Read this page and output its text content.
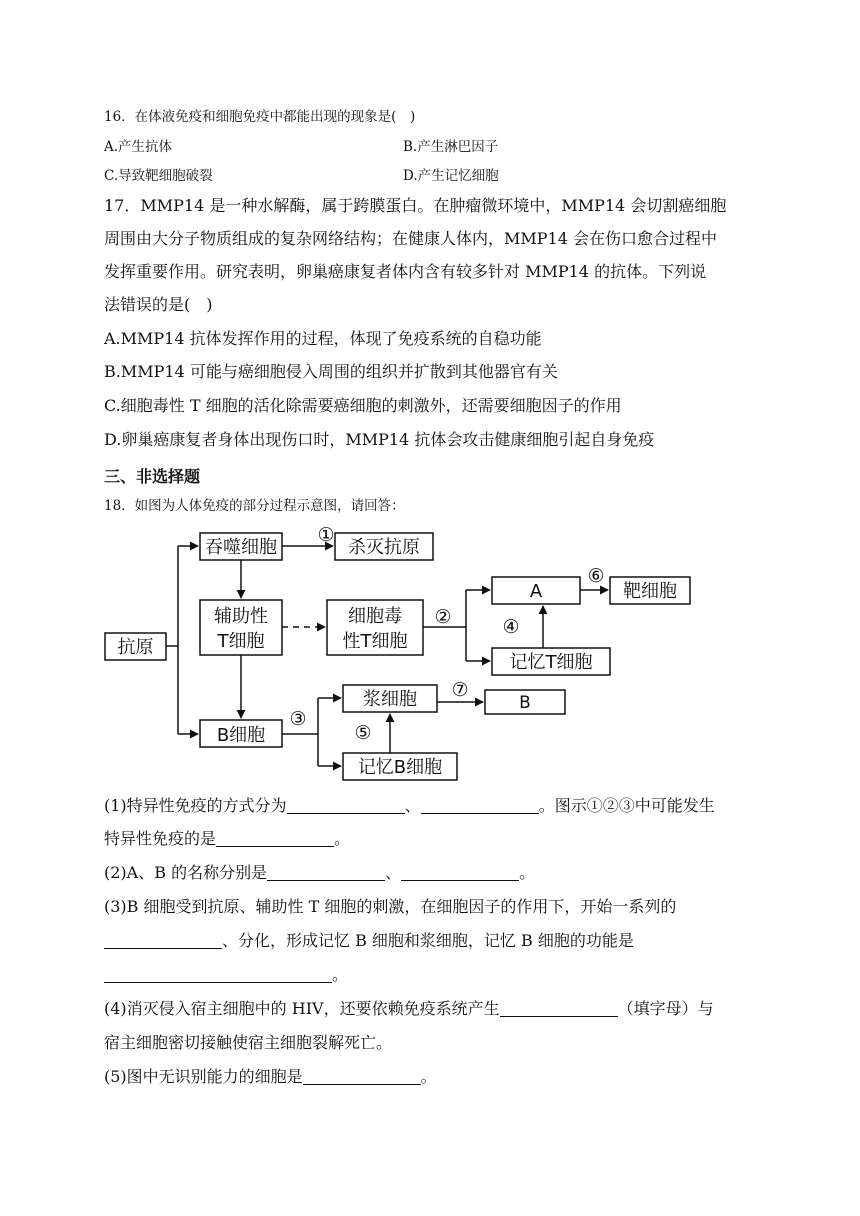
16．在体液免疫和细胞免疫中都能出现的现象是(　)
A.产生抗体	B.产生淋巴因子
C.导致靶细胞破裂	D.产生记忆细胞
17．MMP14 是一种水解酶，属于跨膜蛋白。在肿瘤微环境中，MMP14 会切割癌细胞
周围由大分子物质组成的复杂网络结构；在健康人体内，MMP14 会在伤口愈合过程中
发挥重要作用。研究表明，卵巢癌康复者体内含有较多针对 MMP14 的抗体。下列说
法错误的是(　)
A.MMP14 抗体发挥作用的过程，体现了免疫系统的自稳功能
B.MMP14 可能与癌细胞侵入周围的组织并扩散到其他器官有关
C.细胞毒性 T 细胞的活化除需要癌细胞的刺激外，还需要细胞因子的作用
D.卵巢癌康复者身体出现伤口时，MMP14 抗体会攻击健康细胞引起自身免疫
三、非选择题
18．如图为人体免疫的部分过程示意图，请回答：
抗原
吞噬细胞	杀灭抗原
辅助性
T细胞
细胞毒
性T细胞
A	靶细胞
记忆T细胞
B细胞
浆细胞	B
记忆B细胞
①
②
③
④
⑤
⑥
⑦
(1)特异性免疫的方式分为	、	。图示①②③中可能发生
特异性免疫的是	。
(2)A、B 的名称分别是	、	。
(3)B 细胞受到抗原、辅助性 T 细胞的刺激，在细胞因子的作用下，开始一系列的
、分化，形成记忆 B 细胞和浆细胞，记忆 B 细胞的功能是
。
(4)消灭侵入宿主细胞中的 HIV，还要依赖免疫系统产生	（填字母）与
宿主细胞密切接触使宿主细胞裂解死亡。
(5)图中无识别能力的细胞是	。
